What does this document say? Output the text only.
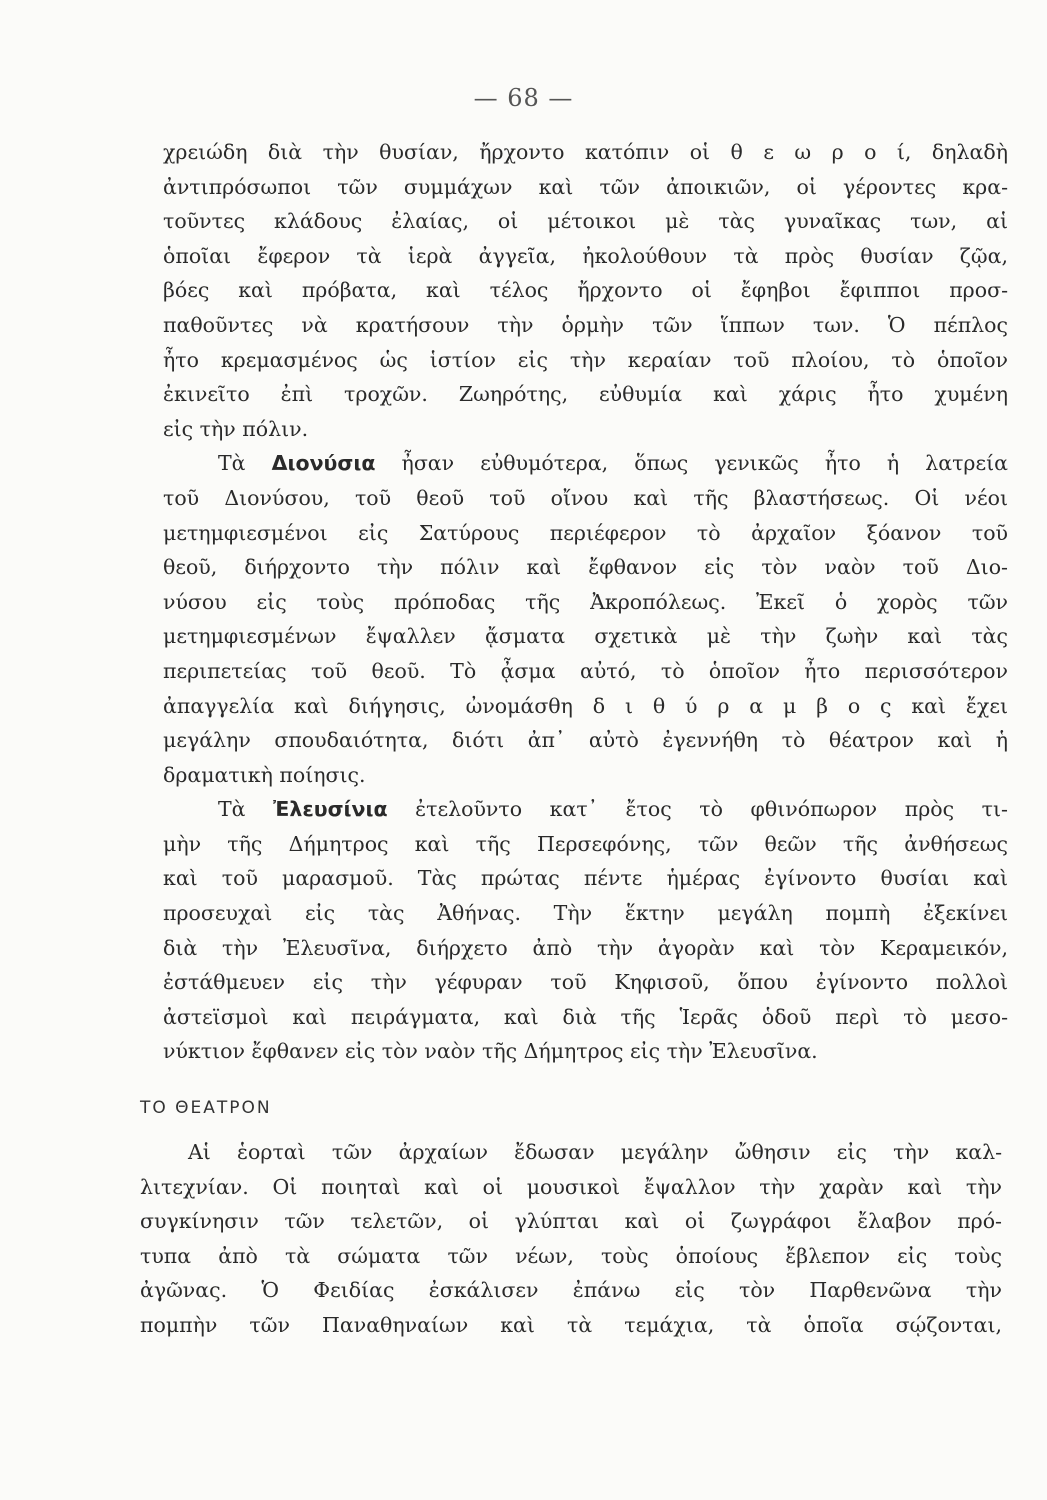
— 68 —
χρειώδη διὰ τὴν θυσίαν, ἤρχοντο κατόπιν οἱ θ ε ω ρ ο ί, δηλαδὴ
ἀντιπρόσωποι τῶν συμμάχων καὶ τῶν ἀποικιῶν, οἱ γέροντες κρα-
τοῦντες κλάδους ἐλαίας, οἱ μέτοικοι μὲ τὰς γυναῖκας των, αἱ
ὁποῖαι ἔφερον τὰ ἱερὰ ἀγγεῖα, ἠκολούθουν τὰ πρὸς θυσίαν ζῷα,
βόες καὶ πρόβατα, καὶ τέλος ἤρχοντο οἱ ἔφηβοι ἔφιπποι προσ-
παθοῦντες νὰ κρατήσουν τὴν ὁρμὴν τῶν ἵππων των. Ὁ πέπλος
ἦτο κρεμασμένος ὡς ἱστίον εἰς τὴν κεραίαν τοῦ πλοίου, τὸ ὁποῖον
ἐκινεῖτο ἐπὶ τροχῶν. Ζωηρότης, εὐθυμία καὶ χάρις ἦτο χυμένη
εἰς τὴν πόλιν.
Τὰ Διονύσια ἦσαν εὐθυμότερα, ὅπως γενικῶς ἦτο ἡ λατρεία
τοῦ Διονύσου, τοῦ θεοῦ τοῦ οἴνου καὶ τῆς βλαστήσεως. Οἱ νέοι
μετημφιεσμένοι εἰς Σατύρους περιέφερον τὸ ἀρχαῖον ξόανον τοῦ
θεοῦ, διήρχοντο τὴν πόλιν καὶ ἔφθανον εἰς τὸν ναὸν τοῦ Διο-
νύσου εἰς τοὺς πρόποδας τῆς Ἀκροπόλεως. Ἐκεῖ ὁ χορὸς τῶν
μετημφιεσμένων ἔψαλλεν ᾄσματα σχετικὰ μὲ τὴν ζωὴν καὶ τὰς
περιπετείας τοῦ θεοῦ. Τὸ ᾆσμα αὐτό, τὸ ὁποῖον ἦτο περισσότερον
ἀπαγγελία καὶ διήγησις, ὠνομάσθη δ ι θ ύ ρ α μ β ο ς καὶ ἔχει
μεγάλην σπουδαιότητα, διότι ἀπ᾽ αὐτὸ ἐγεννήθη τὸ θέατρον καὶ ἡ
δραματικὴ ποίησις.
Τὰ Ἐλευσίνια ἐτελοῦντο κατ᾽ ἔτος τὸ φθινόπωρον πρὸς τι-
μὴν τῆς Δήμητρος καὶ τῆς Περσεφόνης, τῶν θεῶν τῆς ἀνθήσεως
καὶ τοῦ μαρασμοῦ. Τὰς πρώτας πέντε ἡμέρας ἐγίνοντο θυσίαι καὶ
προσευχαὶ εἰς τὰς Ἀθήνας. Τὴν ἕκτην μεγάλη πομπὴ ἐξεκίνει
διὰ τὴν Ἐλευσῖνα, διήρχετο ἀπὸ τὴν ἀγορὰν καὶ τὸν Κεραμεικόν,
ἐστάθμευεν εἰς τὴν γέφυραν τοῦ Κηφισοῦ, ὅπου ἐγίνοντο πολλοὶ
ἀστεϊσμοὶ καὶ πειράγματα, καὶ διὰ τῆς Ἱερᾶς ὁδοῦ περὶ τὸ μεσο-
νύκτιον ἔφθανεν εἰς τὸν ναὸν τῆς Δήμητρος εἰς τὴν Ἐλευσῖνα.
ΤΟ ΘΕΑΤΡΟΝ
Αἱ ἑορταὶ τῶν ἀρχαίων ἔδωσαν μεγάλην ὤθησιν εἰς τὴν καλ-
λιτεχνίαν. Οἱ ποιηταὶ καὶ οἱ μουσικοὶ ἔψαλλον τὴν χαρὰν καὶ τὴν
συγκίνησιν τῶν τελετῶν, οἱ γλύπται καὶ οἱ ζωγράφοι ἔλαβον πρό-
τυπα ἀπὸ τὰ σώματα τῶν νέων, τοὺς ὁποίους ἔβλεπον εἰς τοὺς
ἀγῶνας. Ὁ Φειδίας ἐσκάλισεν ἐπάνω εἰς τὸν Παρθενῶνα τὴν
πομπὴν τῶν Παναθηναίων καὶ τὰ τεμάχια, τὰ ὁποῖα σῴζονται,
